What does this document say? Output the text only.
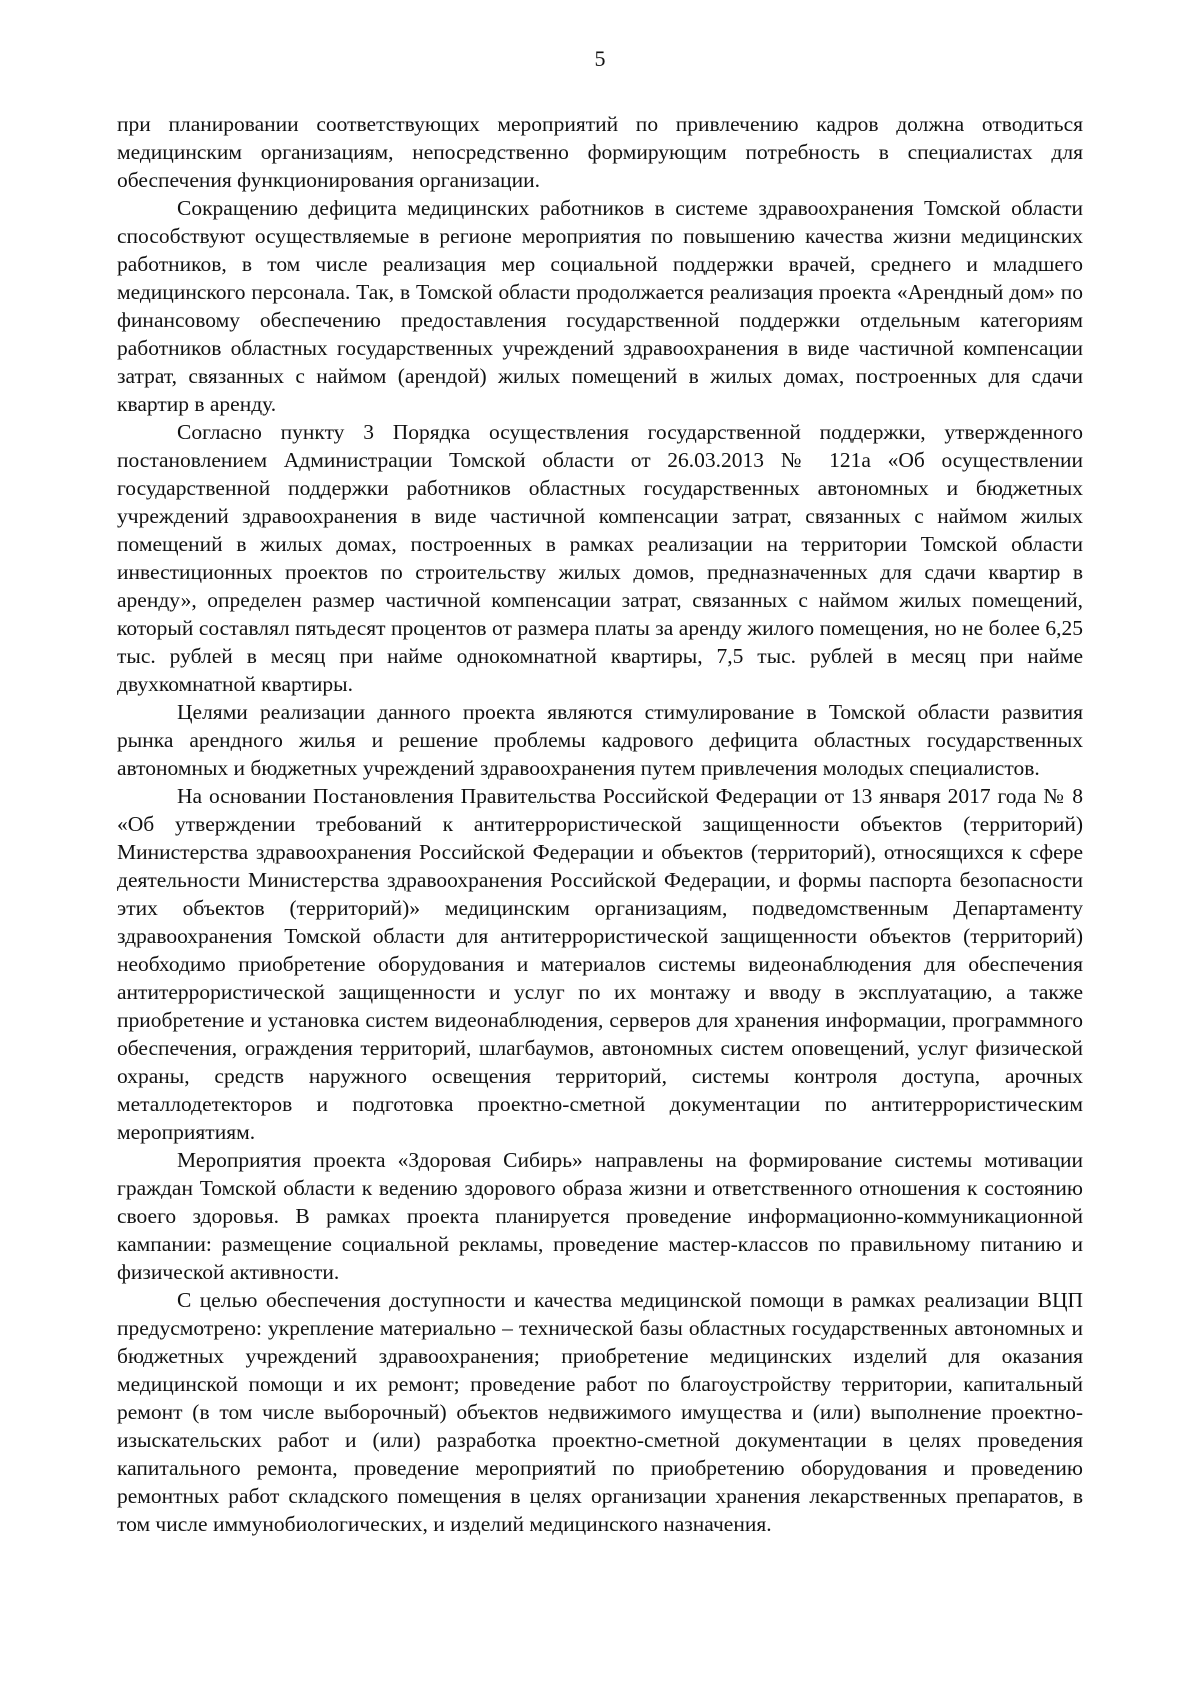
5

при планировании соответствующих мероприятий по привлечению кадров должна отводиться медицинским организациям, непосредственно формирующим потребность в специалистах для обеспечения функционирования организации.

Сокращению дефицита медицинских работников в системе здравоохранения Томской области способствуют осуществляемые в регионе мероприятия по повышению качества жизни медицинских работников, в том числе реализация мер социальной поддержки врачей, среднего и младшего медицинского персонала. Так, в Томской области продолжается реализация проекта «Арендный дом» по финансовому обеспечению предоставления государственной поддержки отдельным категориям работников областных государственных учреждений здравоохранения в виде частичной компенсации затрат, связанных с наймом (арендой) жилых помещений в жилых домах, построенных для сдачи квартир в аренду.

Согласно пункту 3 Порядка осуществления государственной поддержки, утвержденного постановлением Администрации Томской области от 26.03.2013 № 121а «Об осуществлении государственной поддержки работников областных государственных автономных и бюджетных учреждений здравоохранения в виде частичной компенсации затрат, связанных с наймом жилых помещений в жилых домах, построенных в рамках реализации на территории Томской области инвестиционных проектов по строительству жилых домов, предназначенных для сдачи квартир в аренду», определен размер частичной компенсации затрат, связанных с наймом жилых помещений, который составлял пятьдесят процентов от размера платы за аренду жилого помещения, но не более 6,25 тыс. рублей в месяц при найме однокомнатной квартиры, 7,5 тыс. рублей в месяц при найме двухкомнатной квартиры.

Целями реализации данного проекта являются стимулирование в Томской области развития рынка арендного жилья и решение проблемы кадрового дефицита областных государственных автономных и бюджетных учреждений здравоохранения путем привлечения молодых специалистов.

На основании Постановления Правительства Российской Федерации от 13 января 2017 года № 8 «Об утверждении требований к антитеррористической защищенности объектов (территорий) Министерства здравоохранения Российской Федерации и объектов (территорий), относящихся к сфере деятельности Министерства здравоохранения Российской Федерации, и формы паспорта безопасности этих объектов (территорий)» медицинским организациям, подведомственным Департаменту здравоохранения Томской области для антитеррористической защищенности объектов (территорий) необходимо приобретение оборудования и материалов системы видеонаблюдения для обеспечения антитеррористической защищенности и услуг по их монтажу и вводу в эксплуатацию, а также приобретение и установка систем видеонаблюдения, серверов для хранения информации, программного обеспечения, ограждения территорий, шлагбаумов, автономных систем оповещений, услуг физической охраны, средств наружного освещения территорий, системы контроля доступа, арочных металлодетекторов и подготовка проектно-сметной документации по антитеррористическим мероприятиям.

Мероприятия проекта «Здоровая Сибирь» направлены на формирование системы мотивации граждан Томской области к ведению здорового образа жизни и ответственного отношения к состоянию своего здоровья. В рамках проекта планируется проведение информационно-коммуникационной кампании: размещение социальной рекламы, проведение мастер-классов по правильному питанию и физической активности.

С целью обеспечения доступности и качества медицинской помощи в рамках реализации ВЦП предусмотрено: укрепление материально – технической базы областных государственных автономных и бюджетных учреждений здравоохранения; приобретение медицинских изделий для оказания медицинской помощи и их ремонт; проведение работ по благоустройству территории, капитальный ремонт (в том числе выборочный) объектов недвижимого имущества и (или) выполнение проектно-изыскательских работ и (или) разработка проектно-сметной документации в целях проведения капитального ремонта, проведение мероприятий по приобретению оборудования и проведению ремонтных работ складского помещения в целях организации хранения лекарственных препаратов, в том числе иммунобиологических, и изделий медицинского назначения.
